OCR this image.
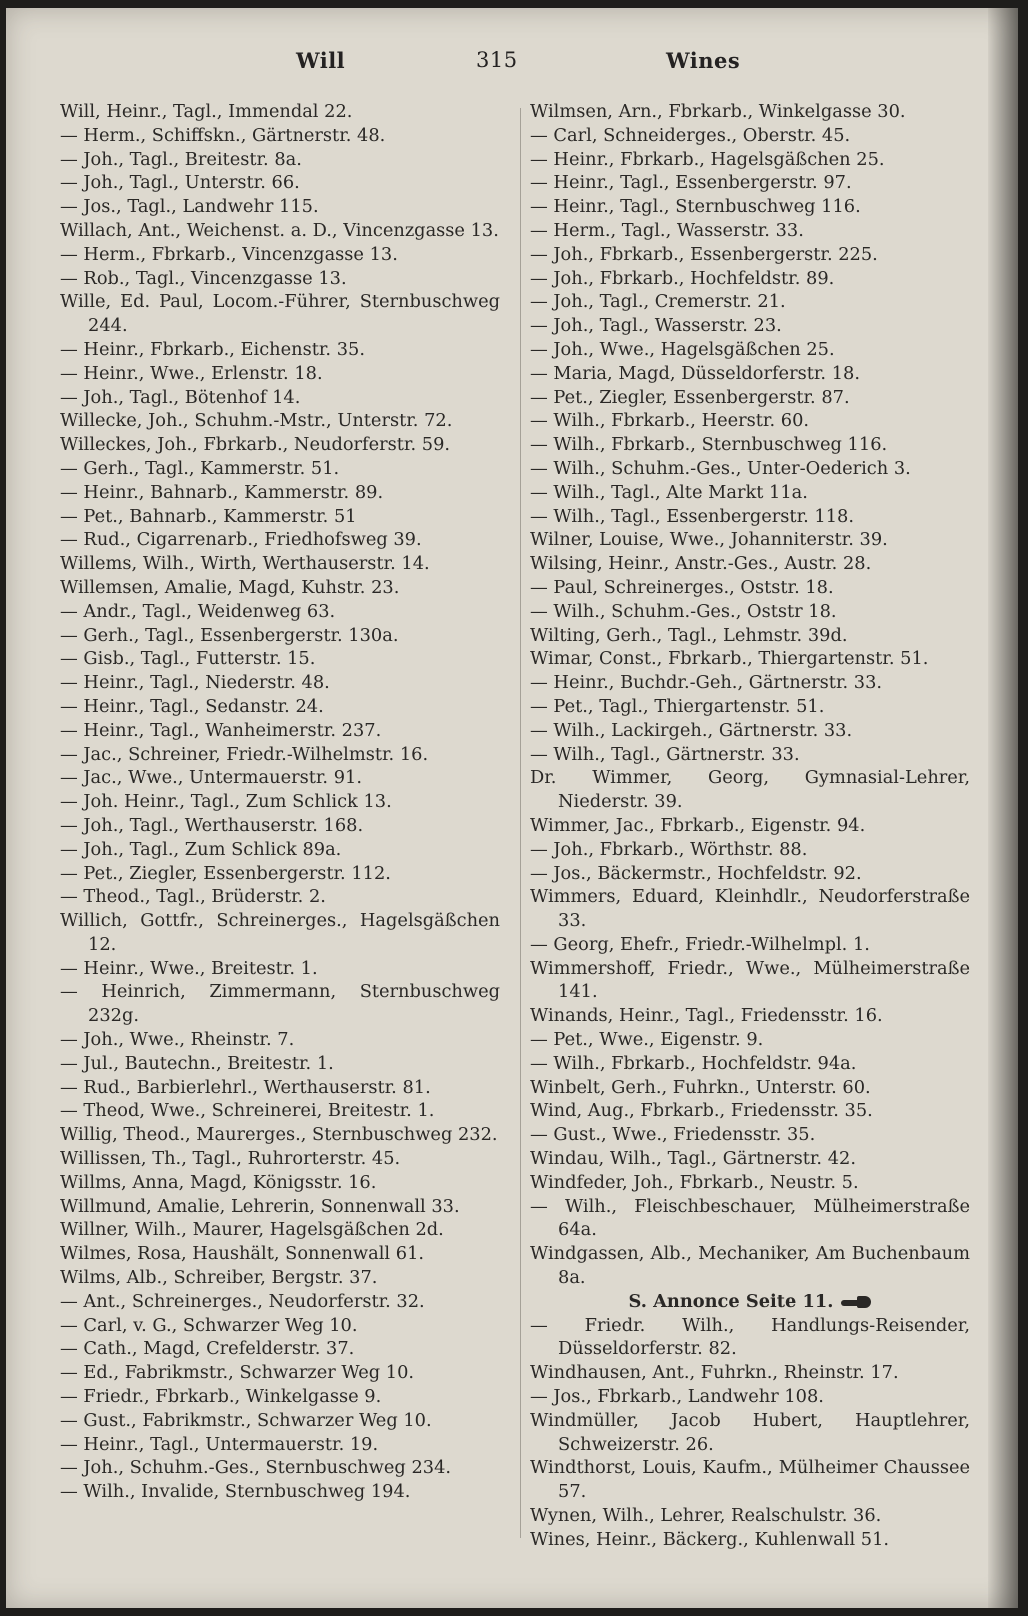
Will	315	Wines

Will, Heinr., Tagl., Immendal 22.

— Herm., Schiffskn., Gärtnerstr. 48.

— Joh., Tagl., Breitestr. 8a.

— Joh., Tagl., Unterstr. 66.

— Jos., Tagl., Landwehr 115.

Willach, Ant., Weichenst. a. D., Vincenzgasse 13.

— Herm., Fbrkarb., Vincenzgasse 13.

— Rob., Tagl., Vincenzgasse 13.

Wille, Ed. Paul, Locom.-Führer, Sternbuschweg 244.

— Heinr., Fbrkarb., Eichenstr. 35.

— Heinr., Wwe., Erlenstr. 18.

— Joh., Tagl., Bötenhof 14.

Willecke, Joh., Schuhm.-Mstr., Unterstr. 72.

Willeckes, Joh., Fbrkarb., Neudorferstr. 59.

— Gerh., Tagl., Kammerstr. 51.

— Heinr., Bahnarb., Kammerstr. 89.

— Pet., Bahnarb., Kammerstr. 51

— Rud., Cigarrenarb., Friedhofsweg 39.

Willems, Wilh., Wirth, Werthauserstr. 14.

Willemsen, Amalie, Magd, Kuhstr. 23.

— Andr., Tagl., Weidenweg 63.

— Gerh., Tagl., Essenbergerstr. 130a.

— Gisb., Tagl., Futterstr. 15.

— Heinr., Tagl., Niederstr. 48.

— Heinr., Tagl., Sedanstr. 24.

— Heinr., Tagl., Wanheimerstr. 237.

— Jac., Schreiner, Friedr.-Wilhelmstr. 16.

— Jac., Wwe., Untermauerstr. 91.

— Joh. Heinr., Tagl., Zum Schlick 13.

— Joh., Tagl., Werthauserstr. 168.

— Joh., Tagl., Zum Schlick 89a.

— Pet., Ziegler, Essenbergerstr. 112.

— Theod., Tagl., Brüderstr. 2.

Willich, Gottfr., Schreinerges., Hagelsgäßchen 12.

— Heinr., Wwe., Breitestr. 1.

— Heinrich, Zimmermann, Sternbuschweg 232g.

— Joh., Wwe., Rheinstr. 7.

— Jul., Bautechn., Breitestr. 1.

— Rud., Barbierlehrl., Werthauserstr. 81.

— Theod, Wwe., Schreinerei, Breitestr. 1.

Willig, Theod., Maurerges., Sternbuschweg 232.

Willissen, Th., Tagl., Ruhrorterstr. 45.

Willms, Anna, Magd, Königsstr. 16.

Willmund, Amalie, Lehrerin, Sonnenwall 33.

Willner, Wilh., Maurer, Hagelsgäßchen 2d.

Wilmes, Rosa, Haushält, Sonnenwall 61.

Wilms, Alb., Schreiber, Bergstr. 37.

— Ant., Schreinerges., Neudorferstr. 32.

— Carl, v. G., Schwarzer Weg 10.

— Cath., Magd, Crefelderstr. 37.

— Ed., Fabrikmstr., Schwarzer Weg 10.

— Friedr., Fbrkarb., Winkelgasse 9.

— Gust., Fabrikmstr., Schwarzer Weg 10.

— Heinr., Tagl., Untermauerstr. 19.

— Joh., Schuhm.-Ges., Sternbuschweg 234.

— Wilh., Invalide, Sternbuschweg 194.

Wilmsen, Arn., Fbrkarb., Winkelgasse 30.

— Carl, Schneiderges., Oberstr. 45.

— Heinr., Fbrkarb., Hagelsgäßchen 25.

— Heinr., Tagl., Essenbergerstr. 97.

— Heinr., Tagl., Sternbuschweg 116.

— Herm., Tagl., Wasserstr. 33.

— Joh., Fbrkarb., Essenbergerstr. 225.

— Joh., Fbrkarb., Hochfeldstr. 89.

— Joh., Tagl., Cremerstr. 21.

— Joh., Tagl., Wasserstr. 23.

— Joh., Wwe., Hagelsgäßchen 25.

— Maria, Magd, Düsseldorferstr. 18.

— Pet., Ziegler, Essenbergerstr. 87.

— Wilh., Fbrkarb., Heerstr. 60.

— Wilh., Fbrkarb., Sternbuschweg 116.

— Wilh., Schuhm.-Ges., Unter-Oederich 3.

— Wilh., Tagl., Alte Markt 11a.

— Wilh., Tagl., Essenbergerstr. 118.

Wilner, Louise, Wwe., Johanniterstr. 39.

Wilsing, Heinr., Anstr.-Ges., Austr. 28.

— Paul, Schreinerges., Oststr. 18.

— Wilh., Schuhm.-Ges., Oststr 18.

Wilting, Gerh., Tagl., Lehmstr. 39d.

Wimar, Const., Fbrkarb., Thiergartenstr. 51.

— Heinr., Buchdr.-Geh., Gärtnerstr. 33.

— Pet., Tagl., Thiergartenstr. 51.

— Wilh., Lackirgeh., Gärtnerstr. 33.

— Wilh., Tagl., Gärtnerstr. 33.

Dr. Wimmer, Georg, Gymnasial-Lehrer, Niederstr. 39.

Wimmer, Jac., Fbrkarb., Eigenstr. 94.

— Joh., Fbrkarb., Wörthstr. 88.

— Jos., Bäckermstr., Hochfeldstr. 92.

Wimmers, Eduard, Kleinhdlr., Neudorferstraße 33.

— Georg, Ehefr., Friedr.-Wilhelmpl. 1.

Wimmershoff, Friedr., Wwe., Mülheimerstraße 141.

Winands, Heinr., Tagl., Friedensstr. 16.

— Pet., Wwe., Eigenstr. 9.

— Wilh., Fbrkarb., Hochfeldstr. 94a.

Winbelt, Gerh., Fuhrkn., Unterstr. 60.

Wind, Aug., Fbrkarb., Friedensstr. 35.

— Gust., Wwe., Friedensstr. 35.

Windau, Wilh., Tagl., Gärtnerstr. 42.

Windfeder, Joh., Fbrkarb., Neustr. 5.

— Wilh., Fleischbeschauer, Mülheimerstraße 64a.

Windgassen, Alb., Mechaniker, Am Buchenbaum 8a.

S. Annonce Seite 11.

— Friedr. Wilh., Handlungs-Reisender, Düsseldorferstr. 82.

Windhausen, Ant., Fuhrkn., Rheinstr. 17.

— Jos., Fbrkarb., Landwehr 108.

Windmüller, Jacob Hubert, Hauptlehrer, Schweizerstr. 26.

Windthorst, Louis, Kaufm., Mülheimer Chaussee 57.

Wynen, Wilh., Lehrer, Realschulstr. 36.

Wines, Heinr., Bäckerg., Kuhlenwall 51.
